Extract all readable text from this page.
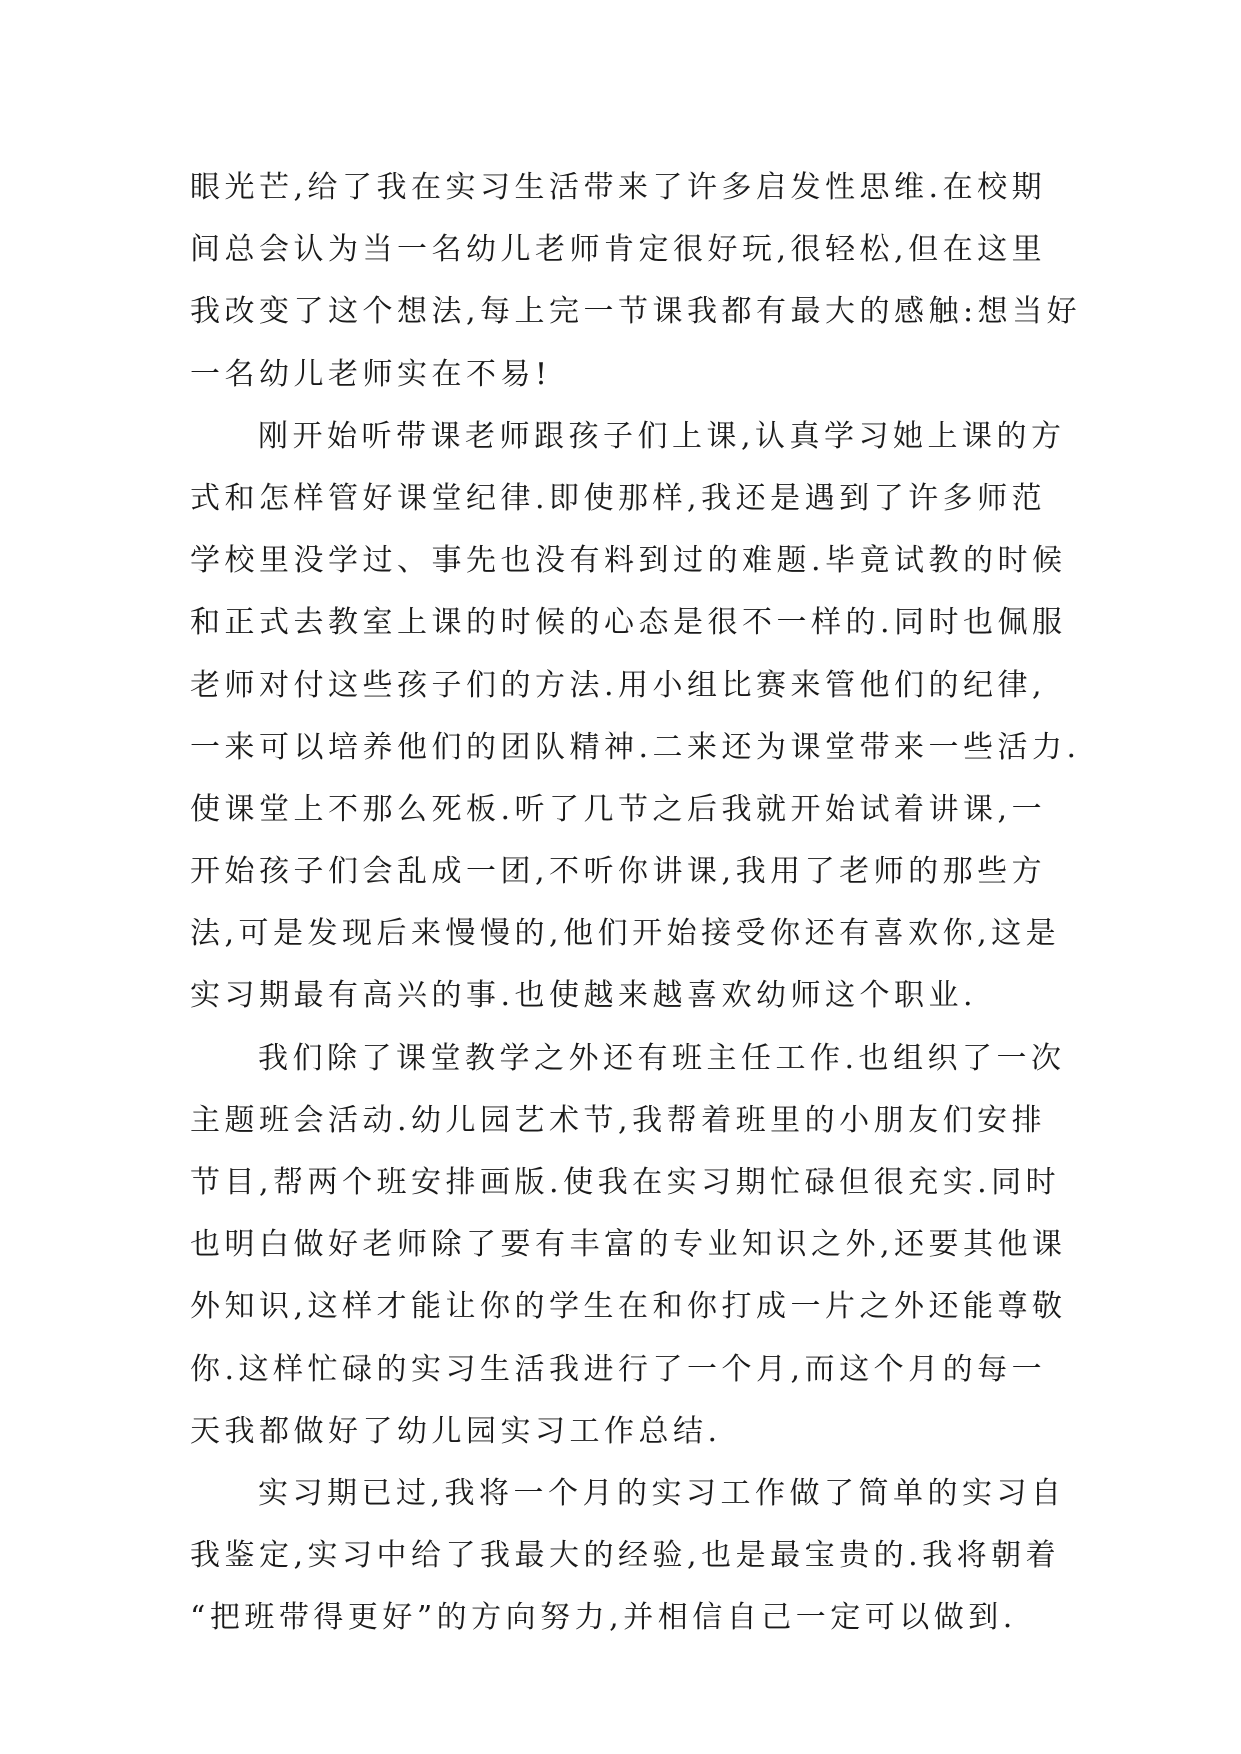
眼光芒,给了我在实习生活带来了许多启发性思维.在校期
间总会认为当一名幼儿老师肯定很好玩,很轻松,但在这里
我改变了这个想法,每上完一节课我都有最大的感触:想当好
一名幼儿老师实在不易!
刚开始听带课老师跟孩子们上课,认真学习她上课的方
式和怎样管好课堂纪律.即使那样,我还是遇到了许多师范
学校里没学过、事先也没有料到过的难题.毕竟试教的时候
和正式去教室上课的时候的心态是很不一样的.同时也佩服
老师对付这些孩子们的方法.用小组比赛来管他们的纪律,
一来可以培养他们的团队精神.二来还为课堂带来一些活力.
使课堂上不那么死板.听了几节之后我就开始试着讲课,一
开始孩子们会乱成一团,不听你讲课,我用了老师的那些方
法,可是发现后来慢慢的,他们开始接受你还有喜欢你,这是
实习期最有高兴的事.也使越来越喜欢幼师这个职业.
我们除了课堂教学之外还有班主任工作.也组织了一次
主题班会活动.幼儿园艺术节,我帮着班里的小朋友们安排
节目,帮两个班安排画版.使我在实习期忙碌但很充实.同时
也明白做好老师除了要有丰富的专业知识之外,还要其他课
外知识,这样才能让你的学生在和你打成一片之外还能尊敬
你.这样忙碌的实习生活我进行了一个月,而这个月的每一
天我都做好了幼儿园实习工作总结.
实习期已过,我将一个月的实习工作做了简单的实习自
我鉴定,实习中给了我最大的经验,也是最宝贵的.我将朝着
“把班带得更好”的方向努力,并相信自己一定可以做到.
